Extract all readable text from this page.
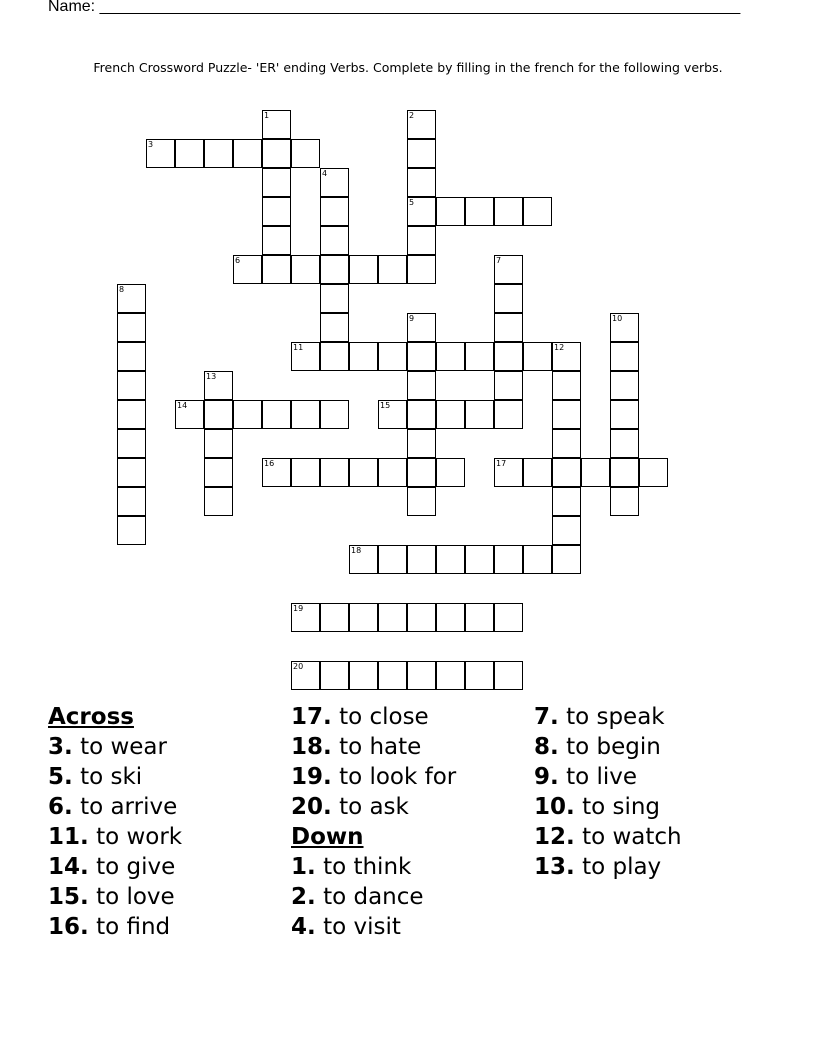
Name: ________________________________________________________________________
French Crossword Puzzle- 'ER' ending Verbs. Complete by filling in the french for the following verbs.
1	2
5
3
4
6	7
8
9	10
11	12
13
14	15
16	17
18
19
20
Across
3. to wear
5. to ski
6. to arrive
11. to work
14. to give
15. to love
16. to find
17. to close
18. to hate
19. to look for
20. to ask
Down
1. to think
2. to dance
4. to visit
7. to speak
8. to begin
9. to live
10. to sing
12. to watch
13. to play
